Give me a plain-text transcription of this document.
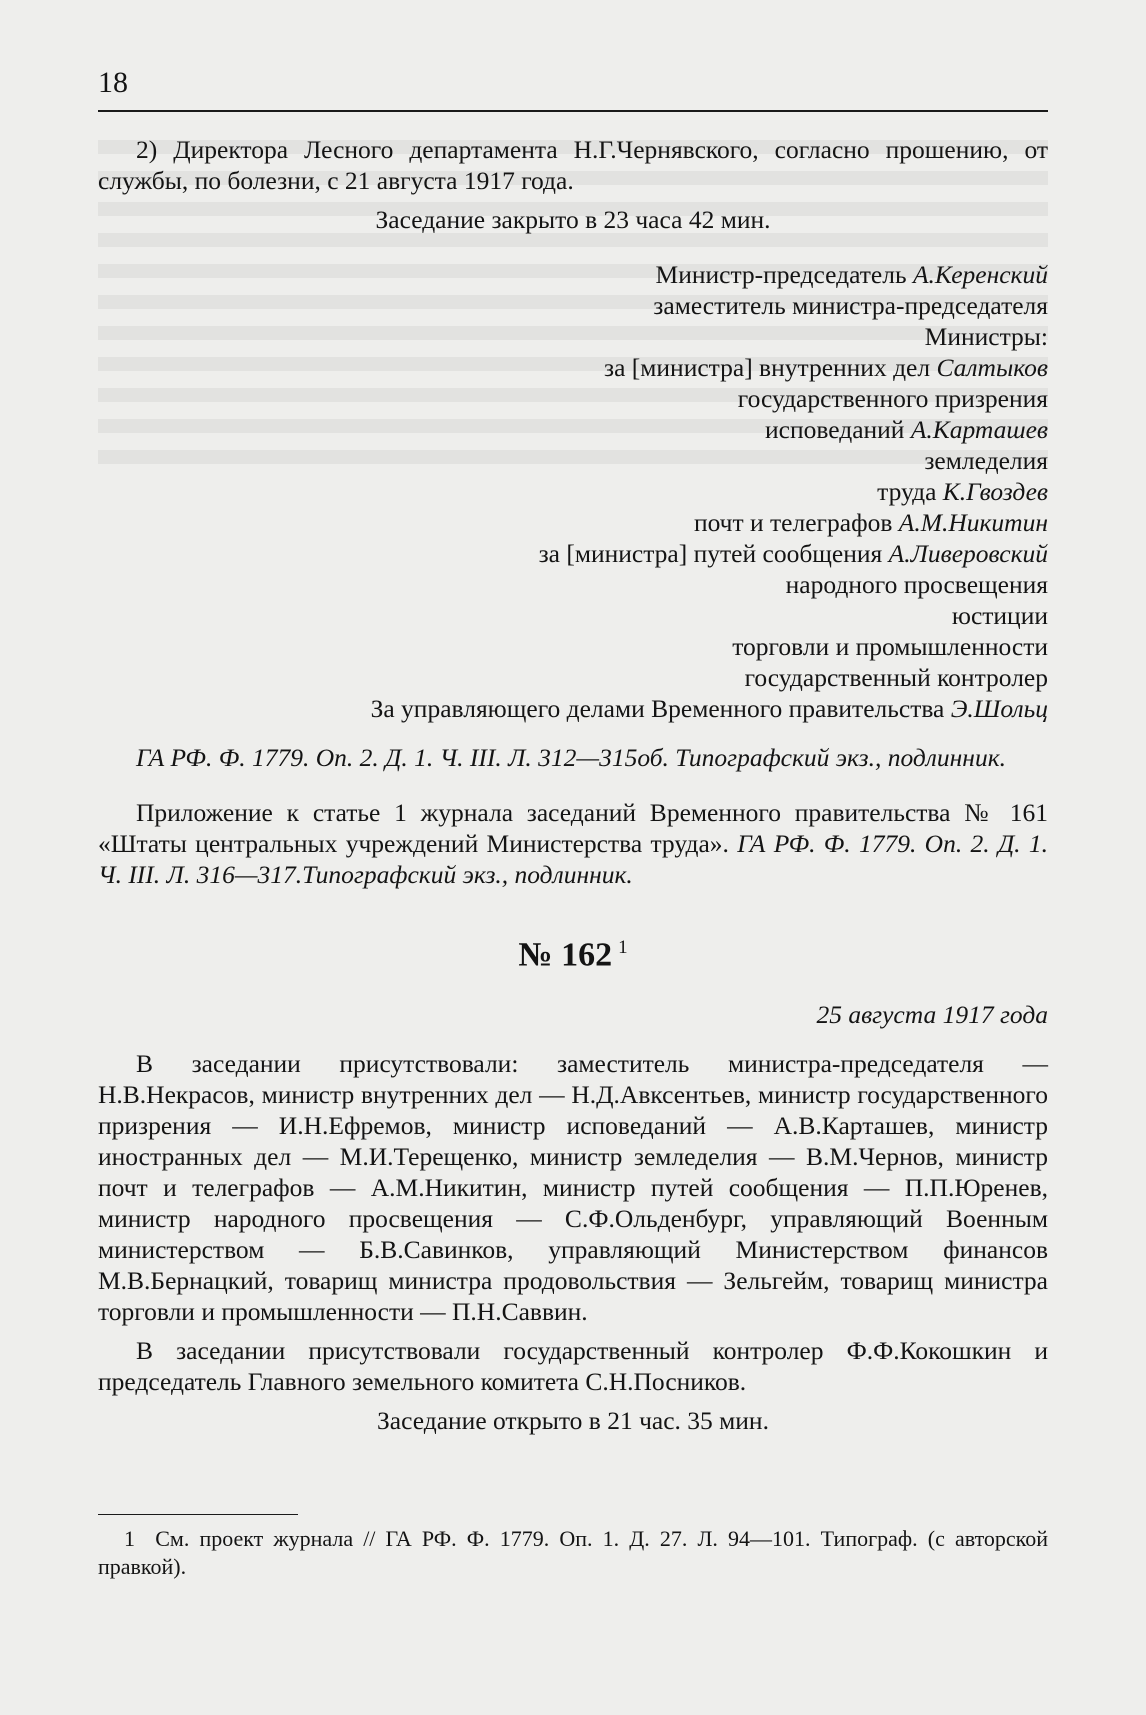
18

2) Директора Лесного департамента Н.Г.Чернявского, согласно прошению, от службы, по болезни, с 21 августа 1917 года.

Заседание закрыто в 23 часа 42 мин.

Министр-председатель А.Керенский
заместитель министра-председателя
Министры:
за [министра] внутренних дел Салтыков
государственного призрения
исповеданий А.Карташев
земледелия
труда К.Гвоздев
почт и телеграфов А.М.Никитин
за [министра] путей сообщения А.Ливеровский
народного просвещения
юстиции
торговли и промышленности
государственный контролер
За управляющего делами Временного правительства Э.Шольц

ГА РФ. Ф. 1779. Оп. 2. Д. 1. Ч. III. Л. 312—315об. Типографский экз., подлинник.

Приложение к статье 1 журнала заседаний Временного правительства № 161 «Штаты центральных учреждений Министерства труда». ГА РФ. Ф. 1779. Оп. 2. Д. 1. Ч. III. Л. 316—317.Типографский экз., подлинник.

№ 162 $^1$

25 августа 1917 года

В заседании присутствовали: заместитель министра-председателя — Н.В.Некрасов, министр внутренних дел — Н.Д.Авксентьев, министр государственного призрения — И.Н.Ефремов, министр исповеданий — А.В.Карташев, министр иностранных дел — М.И.Терещенко, министр земледелия — В.М.Чернов, министр почт и телеграфов — А.М.Никитин, министр путей сообщения — П.П.Юренев, министр народного просвещения — С.Ф.Ольденбург, управляющий Военным министерством — Б.В.Савинков, управляющий Министерством финансов М.В.Бернацкий, товарищ министра продовольствия — Зельгейм, товарищ министра торговли и промышленности — П.Н.Саввин.

В заседании присутствовали государственный контролер Ф.Ф.Кокошкин и председатель Главного земельного комитета С.Н.Посников.

Заседание открыто в 21 час. 35 мин.

1 См. проект журнала // ГА РФ. Ф. 1779. Оп. 1. Д. 27. Л. 94—101. Типограф. (с авторской правкой).
